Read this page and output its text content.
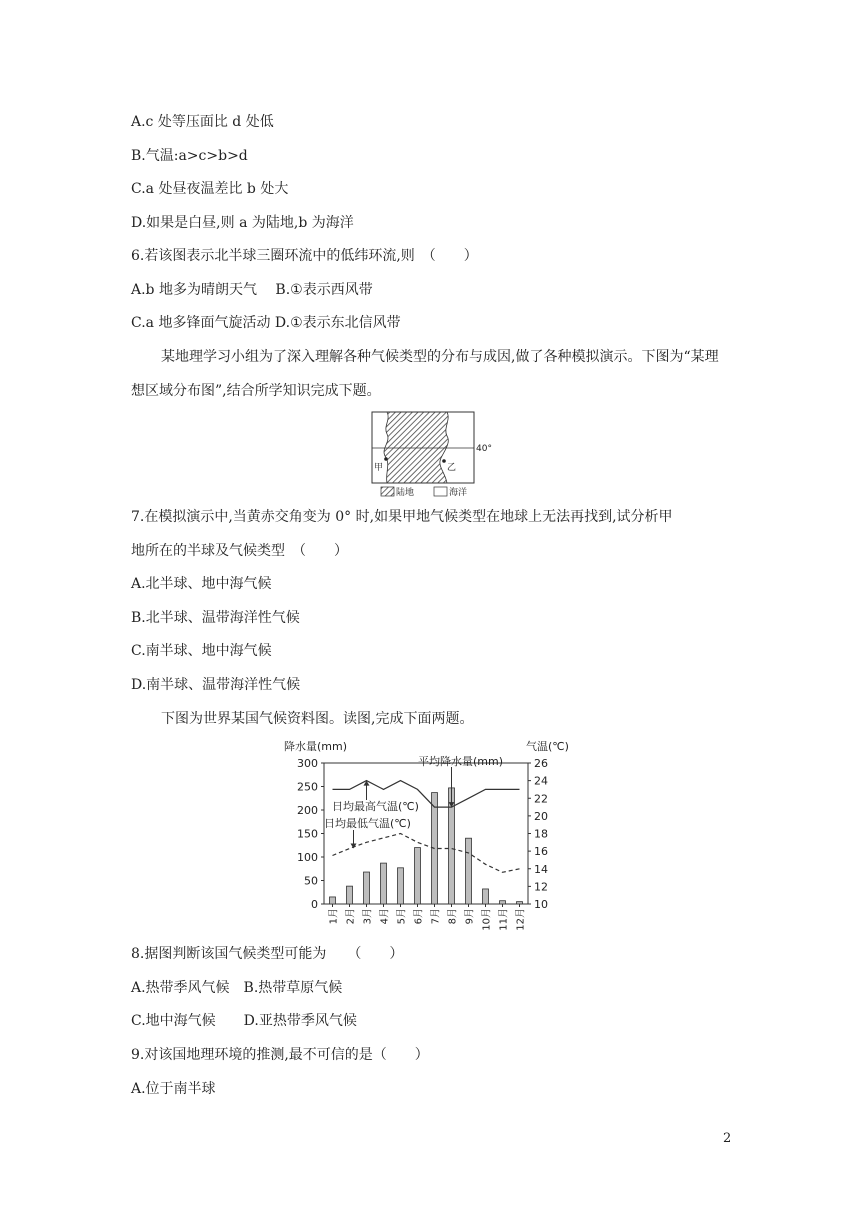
A.c 处等压面比 d 处低
B.气温:a>c>b>d
C.a 处昼夜温差比 b 处大
D.如果是白昼,则 a 为陆地,b 为海洋
6.若该图表示北半球三圈环流中的低纬环流,则　（　　）
A.b 地多为晴朗天气　 B.①表示西风带
C.a 地多锋面气旋活动 D.①表示东北信风带
某地理学习小组为了深入理解各种气候类型的分布与成因,做了各种模拟演示。下图为“某理想区域分布图”,结合所学知识完成下题。
40°
甲	乙
陆地	海洋
7.在模拟演示中,当黄赤交角变为 0° 时,如果甲地气候类型在地球上无法再找到,试分析甲
地所在的半球及气候类型　（　　）
A.北半球、地中海气候
B.北半球、温带海洋性气候
C.南半球、地中海气候
D.南半球、温带海洋性气候
下图为世界某国气候资料图。读图,完成下面两题。
降水量(mm)	气温(℃)
0
50
100
150
200
250
300
10
12
14
16
18
20
22
24
26
1月 2月 3月 4月 5月 6月 7月 8月 9月 10月 11月 12月
平均降水量(mm)
日均最高气温(℃)
日均最低气温(℃)
8.据图判断该国气候类型可能为　　（　　）
A.热带季风气候　B.热带草原气候
C.地中海气候　　D.亚热带季风气候
9.对该国地理环境的推测,最不可信的是（　　）
A.位于南半球
2
